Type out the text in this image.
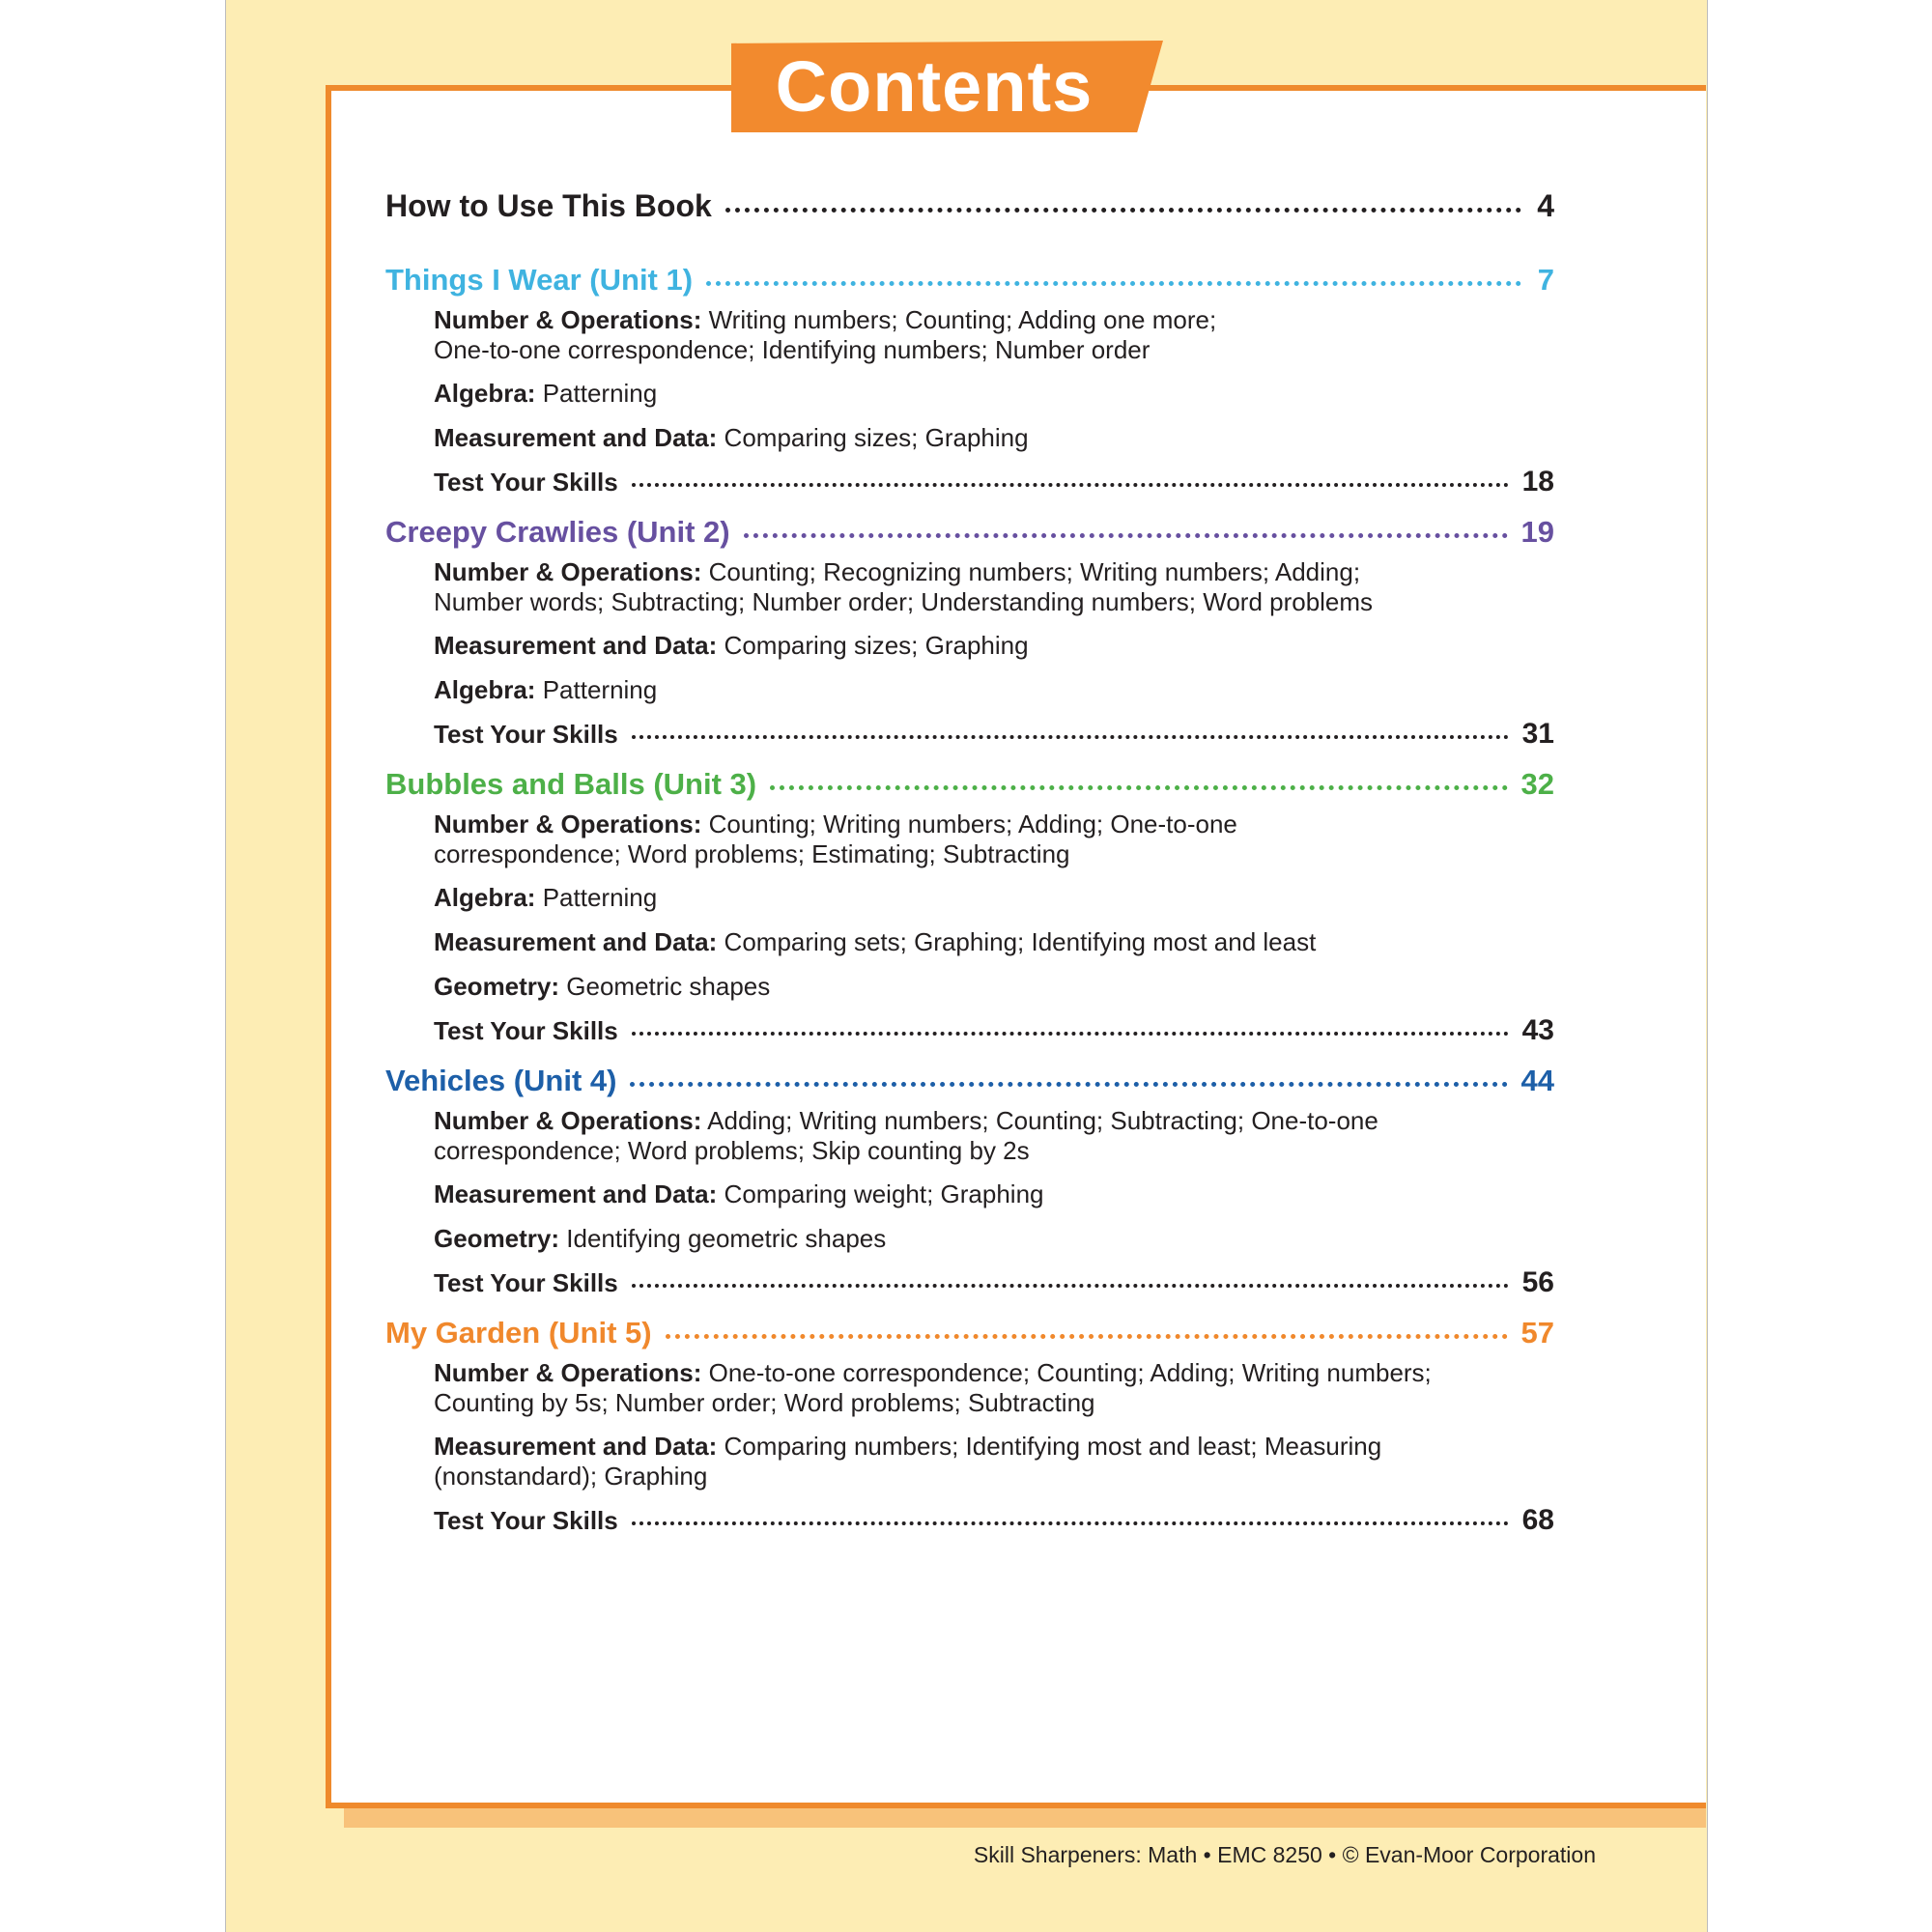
Contents
How to Use This Book	4
Things I Wear (Unit 1)	7
Number & Operations: Writing numbers; Counting; Adding one more;
One-to-one correspondence; Identifying numbers; Number order
Algebra: Patterning
Measurement and Data: Comparing sizes; Graphing
Test Your Skills	18
Creepy Crawlies (Unit 2)	19
Number & Operations: Counting; Recognizing numbers; Writing numbers; Adding;
Number words; Subtracting; Number order; Understanding numbers; Word problems
Measurement and Data: Comparing sizes; Graphing
Algebra: Patterning
Test Your Skills	31
Bubbles and Balls (Unit 3)	32
Number & Operations: Counting; Writing numbers; Adding; One-to-one
correspondence; Word problems; Estimating; Subtracting
Algebra: Patterning
Measurement and Data: Comparing sets; Graphing; Identifying most and least
Geometry: Geometric shapes
Test Your Skills	43
Vehicles (Unit 4)	44
Number & Operations: Adding; Writing numbers; Counting; Subtracting; One-to-one
correspondence; Word problems; Skip counting by 2s
Measurement and Data: Comparing weight; Graphing
Geometry: Identifying geometric shapes
Test Your Skills	56
My Garden (Unit 5)	57
Number & Operations: One-to-one correspondence; Counting; Adding; Writing numbers;
Counting by 5s; Number order; Word problems; Subtracting
Measurement and Data: Comparing numbers; Identifying most and least; Measuring
(nonstandard); Graphing
Test Your Skills	68
Skill Sharpeners: Math • EMC 8250 • © Evan-Moor Corporation
